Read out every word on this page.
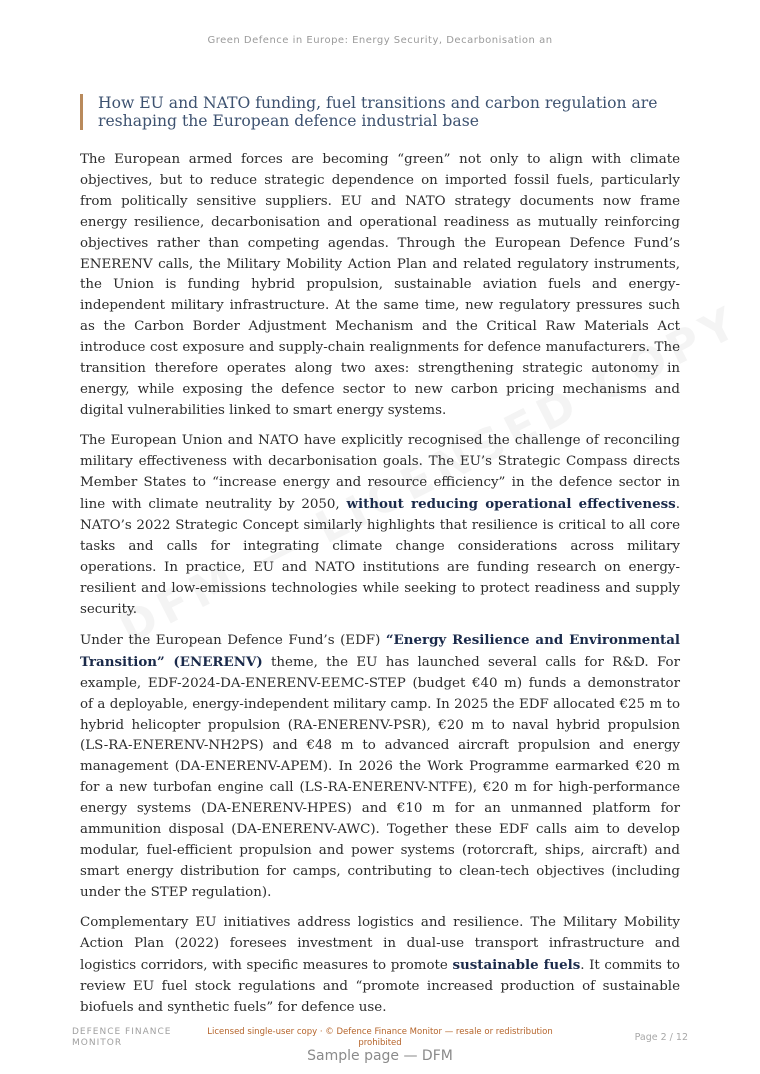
Green Defence in Europe: Energy Security, Decarbonisation an
How EU and NATO funding, fuel transitions and carbon regulation are reshaping the European defence industrial base

The European armed forces are becoming “green” not only to align with climate objectives, but to reduce strategic dependence on imported fossil fuels, particularly from politically sensitive suppliers. EU and NATO strategy documents now frame energy resilience, decarbonisation and operational readiness as mutually reinforcing objectives rather than competing agendas. Through the European Defence Fund’s ENERENV calls, the Military Mobility Action Plan and related regulatory instruments, the Union is funding hybrid propulsion, sustainable aviation fuels and energy-independent military infrastructure. At the same time, new regulatory pressures such as the Carbon Border Adjustment Mechanism and the Critical Raw Materials Act introduce cost exposure and supply-chain realignments for defence manufacturers. The transition therefore operates along two axes: strengthening strategic autonomy in energy, while exposing the defence sector to new carbon pricing mechanisms and digital vulnerabilities linked to smart energy systems.

The European Union and NATO have explicitly recognised the challenge of reconciling military effectiveness with decarbonisation goals. The EU’s Strategic Compass directs Member States to “increase energy and resource efficiency” in the defence sector in line with climate neutrality by 2050, without reducing operational effectiveness. NATO’s 2022 Strategic Concept similarly highlights that resilience is critical to all core tasks and calls for integrating climate change considerations across military operations. In practice, EU and NATO institutions are funding research on energy-resilient and low-emissions technologies while seeking to protect readiness and supply security.

Under the European Defence Fund’s (EDF) “Energy Resilience and Environmental Transition” (ENERENV) theme, the EU has launched several calls for R&D. For example, EDF-2024-DA-ENERENV-EEMC-STEP (budget €40 m) funds a demonstrator of a deployable, energy-independent military camp. In 2025 the EDF allocated €25 m to hybrid helicopter propulsion (RA-ENERENV-PSR), €20 m to naval hybrid propulsion (LS-RA-ENERENV-NH2PS) and €48 m to advanced aircraft propulsion and energy management (DA-ENERENV-APEM). In 2026 the Work Programme earmarked €20 m for a new turbofan engine call (LS-RA-ENERENV-NTFE), €20 m for high-performance energy systems (DA-ENERENV-HPES) and €10 m for an unmanned platform for ammunition disposal (DA-ENERENV-AWC). Together these EDF calls aim to develop modular, fuel-efficient propulsion and power systems (rotorcraft, ships, aircraft) and smart energy distribution for camps, contributing to clean-tech objectives (including under the STEP regulation).

Complementary EU initiatives address logistics and resilience. The Military Mobility Action Plan (2022) foresees investment in dual-use transport infrastructure and logistics corridors, with specific measures to promote sustainable fuels. It commits to review EU fuel stock regulations and “promote increased production of sustainable biofuels and synthetic fuels” for defence use.

DEFENCE FINANCE
MONITOR
Licensed single-user copy · © Defence Finance Monitor — resale or redistribution prohibited	Page 2 / 12
Sample page — DFM
